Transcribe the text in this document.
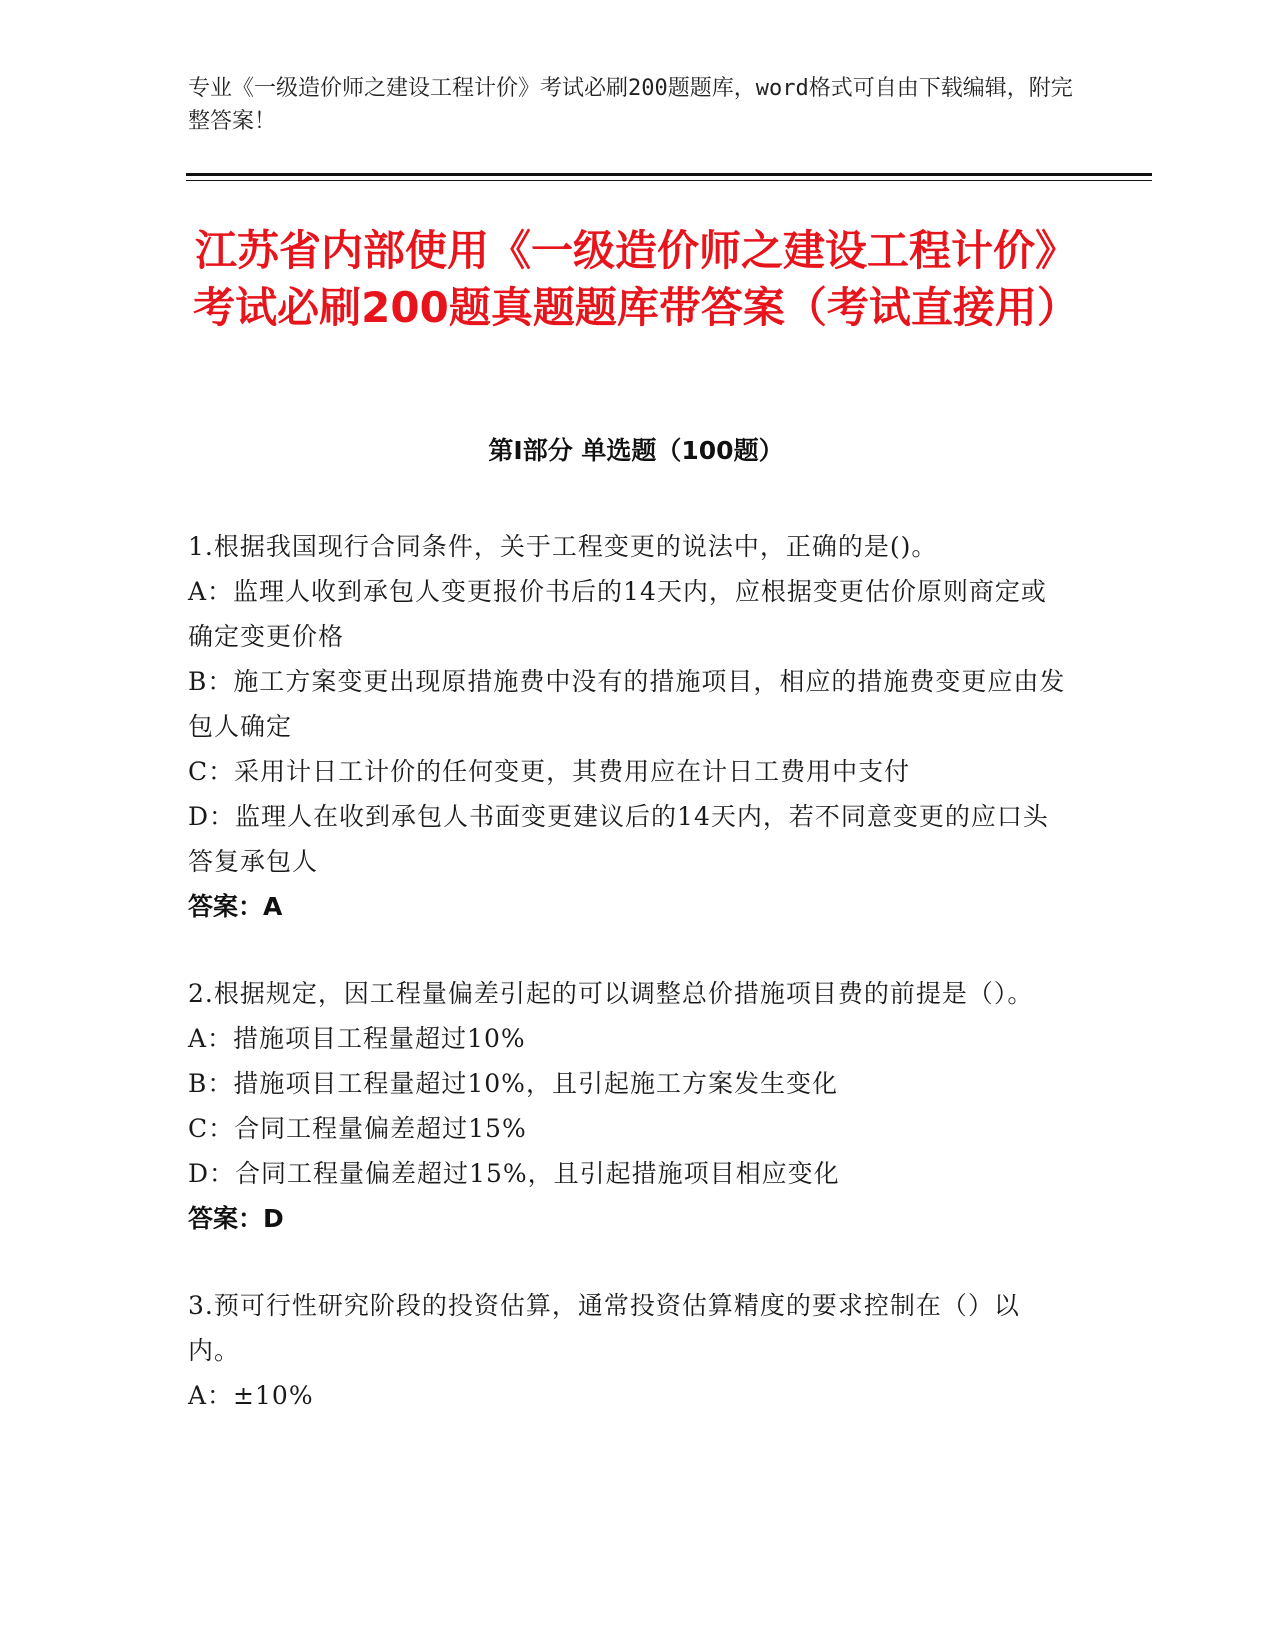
专业《一级造价师之建设工程计价》考试必刷200题题库，word格式可自由下载编辑，附完整答案！
江苏省内部使用《一级造价师之建设工程计价》考试必刷200题真题题库带答案（考试直接用）
第Ⅰ部分 单选题（100题）
1.根据我国现行合同条件，关于工程变更的说法中，正确的是()。
A：监理人收到承包人变更报价书后的14天内，应根据变更估价原则商定或确定变更价格
B：施工方案变更出现原措施费中没有的措施项目，相应的措施费变更应由发包人确定
C：采用计日工计价的任何变更，其费用应在计日工费用中支付
D：监理人在收到承包人书面变更建议后的14天内，若不同意变更的应口头答复承包人
答案：A
2.根据规定，因工程量偏差引起的可以调整总价措施项目费的前提是（）。
A：措施项目工程量超过10%
B：措施项目工程量超过10%，且引起施工方案发生变化
C：合同工程量偏差超过15%
D：合同工程量偏差超过15%，且引起措施项目相应变化
答案：D
3.预可行性研究阶段的投资估算，通常投资估算精度的要求控制在（）以内。
A：±10%
